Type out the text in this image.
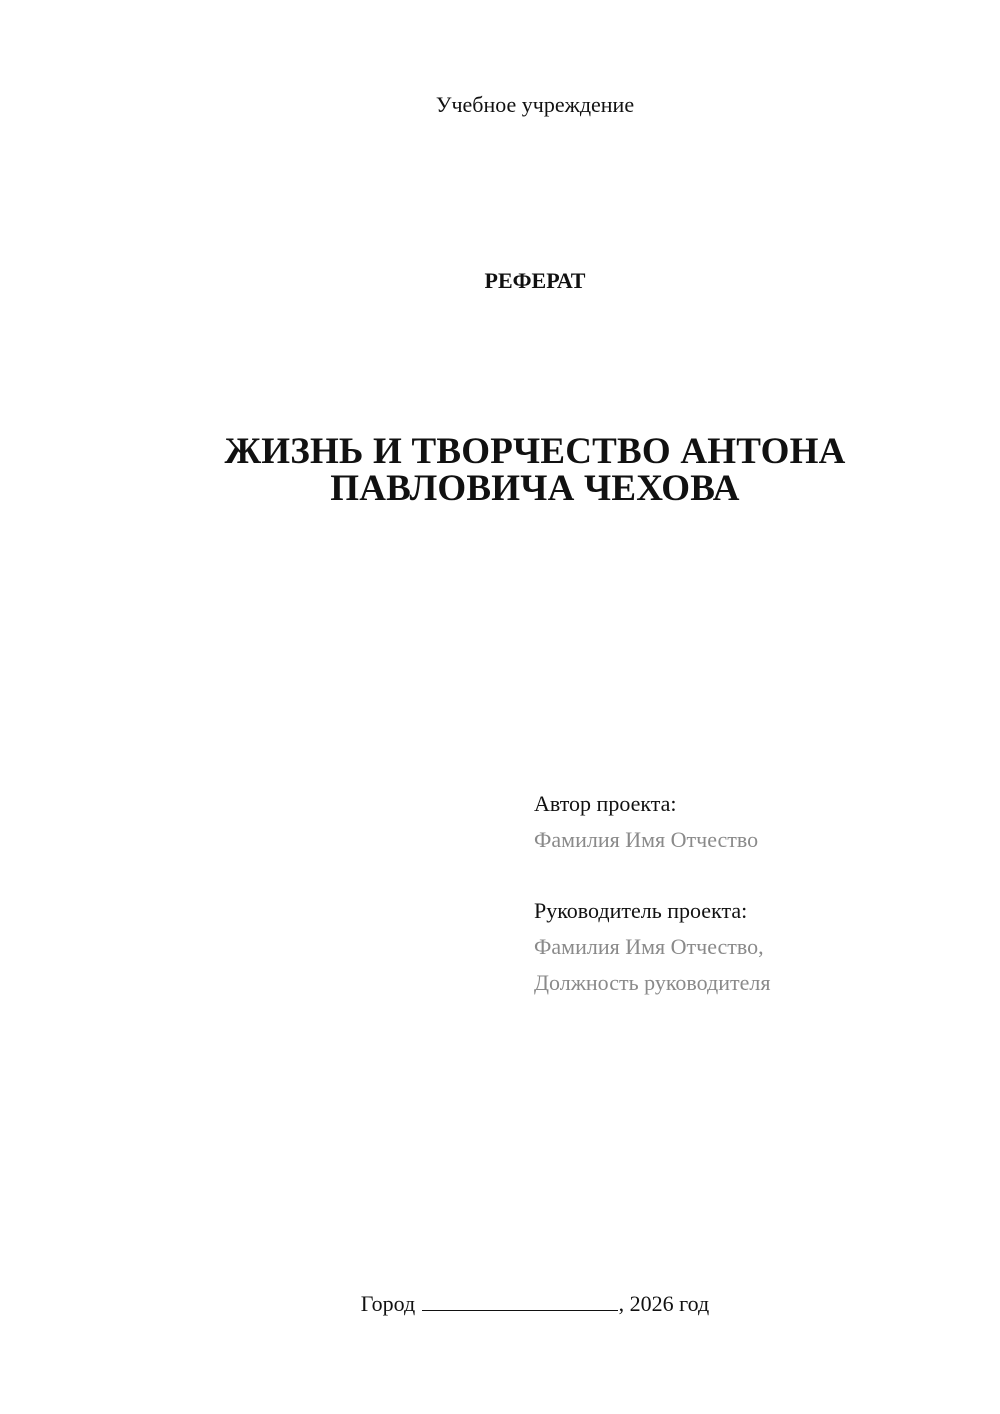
Учебное учреждение
РЕФЕРАТ
ЖИЗНЬ И ТВОРЧЕСТВО АНТОНА
ПАВЛОВИЧА ЧЕХОВА
Автор проекта:
Фамилия Имя Отчество
Руководитель проекта:
Фамилия Имя Отчество,
Должность руководителя
Город	, 2026 год
